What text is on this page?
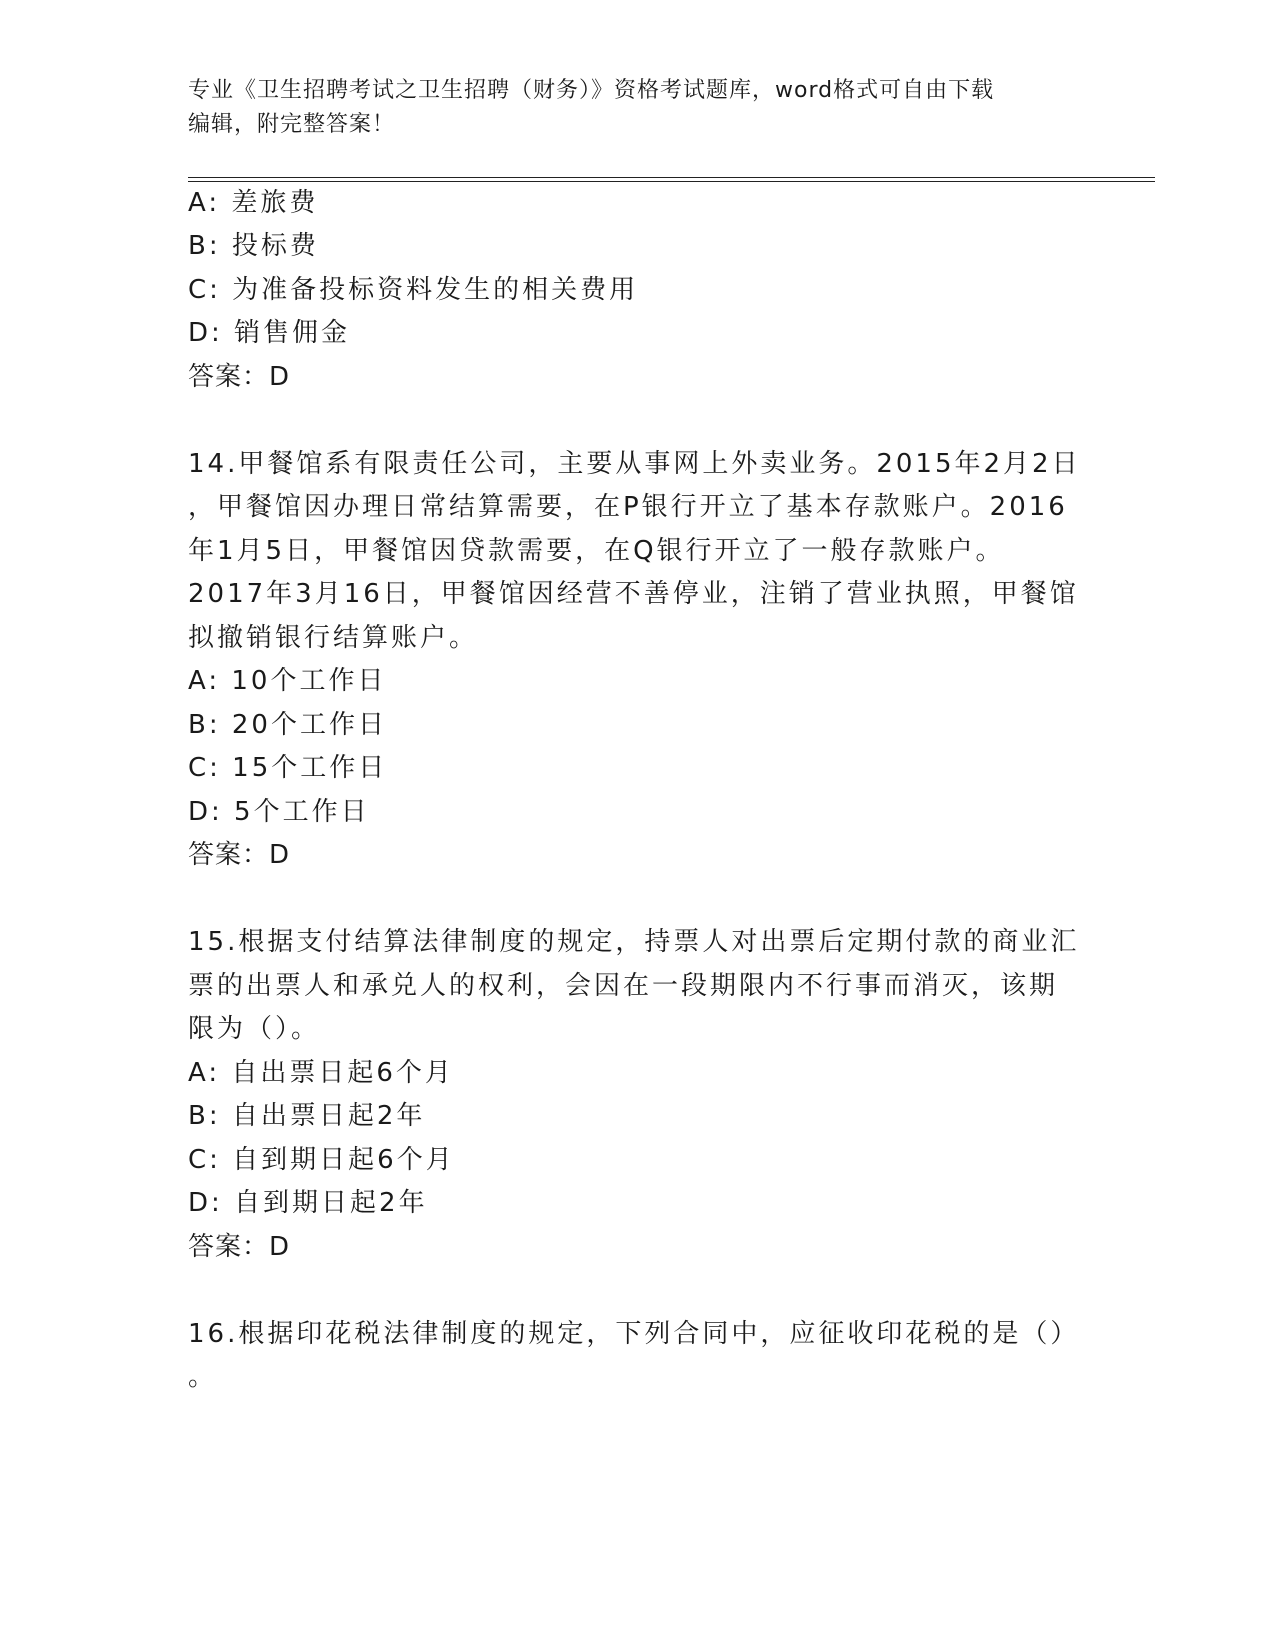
专业《卫生招聘考试之卫生招聘（财务）》资格考试题库，word格式可自由下载
编辑，附完整答案！
A: 差旅费
B: 投标费
C: 为准备投标资料发生的相关费用
D: 销售佣金
答案：D
14.甲餐馆系有限责任公司，主要从事网上外卖业务。2015年2月2日
，甲餐馆因办理日常结算需要，在P银行开立了基本存款账户。2016
年1月5日，甲餐馆因贷款需要，在Q银行开立了一般存款账户。
2017年3月16日，甲餐馆因经营不善停业，注销了营业执照，甲餐馆
拟撤销银行结算账户。
A: 10个工作日
B: 20个工作日
C: 15个工作日
D: 5个工作日
答案：D
15.根据支付结算法律制度的规定，持票人对出票后定期付款的商业汇
票的出票人和承兑人的权利，会因在一段期限内不行事而消灭，该期
限为（）。
A: 自出票日起6个月
B: 自出票日起2年
C: 自到期日起6个月
D: 自到期日起2年
答案：D
16.根据印花税法律制度的规定，下列合同中，应征收印花税的是（）
。
